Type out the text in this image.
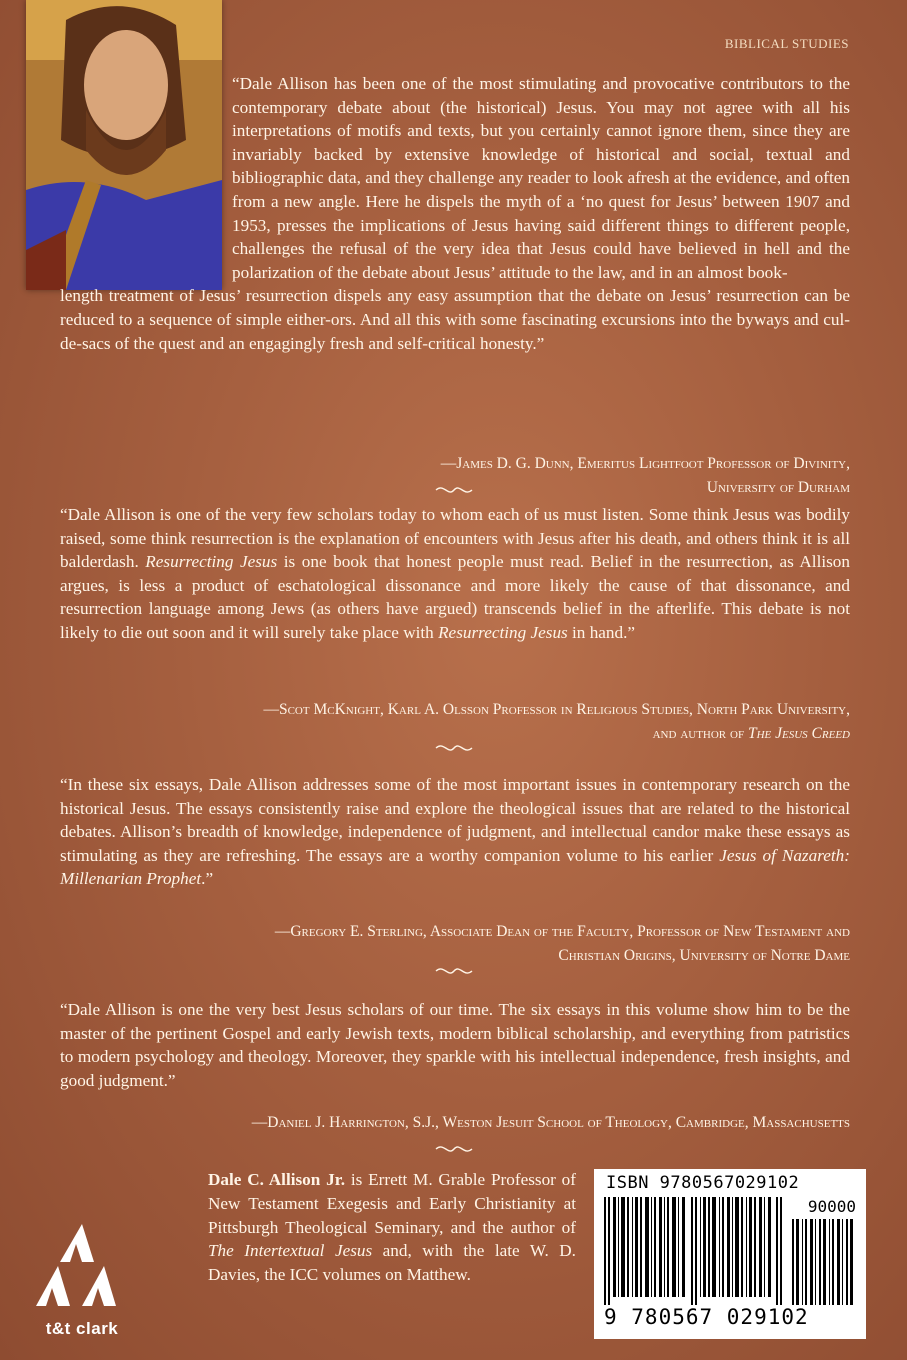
BIBLICAL STUDIES
“Dale Allison has been one of the most stimulating and provocative contributors to the contemporary debate about (the historical) Jesus. You may not agree with all his interpretations of motifs and texts, but you certainly cannot ignore them, since they are invariably backed by extensive knowledge of historical and social, textual and bibliographic data, and they challenge any reader to look afresh at the evidence, and often from a new angle. Here he dispels the myth of a ‘no quest for Jesus’ between 1907 and 1953, presses the implications of Jesus having said different things to different people, challenges the refusal of the very idea that Jesus could have believed in hell and the polarization of the debate about Jesus’ attitude to the law, and in an almost book-
length treatment of Jesus’ resurrection dispels any easy assumption that the debate on Jesus’ resurrection can be reduced to a sequence of simple either-ors. And all this with some fascinating excursions into the byways and cul-de-sacs of the quest and an engagingly fresh and self-critical honesty.”
—James D. G. Dunn, Emeritus Lightfoot Professor of Divinity,
University of Durham
“Dale Allison is one of the very few scholars today to whom each of us must listen. Some think Jesus was bodily raised, some think resurrection is the explanation of encounters with Jesus after his death, and others think it is all balderdash. Resurrecting Jesus is one book that honest people must read. Belief in the resurrection, as Allison argues, is less a product of eschatological dissonance and more likely the cause of that dissonance, and resurrection language among Jews (as others have argued) transcends belief in the afterlife. This debate is not likely to die out soon and it will surely take place with Resurrecting Jesus in hand.”
—Scot McKnight, Karl A. Olsson Professor in Religious Studies, North Park University,
and author of The Jesus Creed
“In these six essays, Dale Allison addresses some of the most important issues in contemporary research on the historical Jesus. The essays consistently raise and explore the theological issues that are related to the historical debates. Allison’s breadth of knowledge, independence of judgment, and intellectual candor make these essays as stimulating as they are refreshing. The essays are a worthy companion volume to his earlier Jesus of Nazareth: Millenarian Prophet.”
—Gregory E. Sterling, Associate Dean of the Faculty, Professor of New Testament and
Christian Origins, University of Notre Dame
“Dale Allison is one the very best Jesus scholars of our time. The six essays in this volume show him to be the master of the pertinent Gospel and early Jewish texts, modern biblical scholarship, and everything from patristics to modern psychology and theology. Moreover, they sparkle with his intellectual independence, fresh insights, and good judgment.”
—Daniel J. Harrington, S.J., Weston Jesuit School of Theology, Cambridge, Massachusetts
Dale C. Allison Jr. is Errett M. Grable Professor of New Testament Exegesis and Early Christianity at Pittsburgh Theological Seminary, and the author of The Intertextual Jesus and, with the late W. D. Davies, the ICC volumes on Matthew.
t&t clark
ISBN 9780567029102
90000
9 780567 029102
